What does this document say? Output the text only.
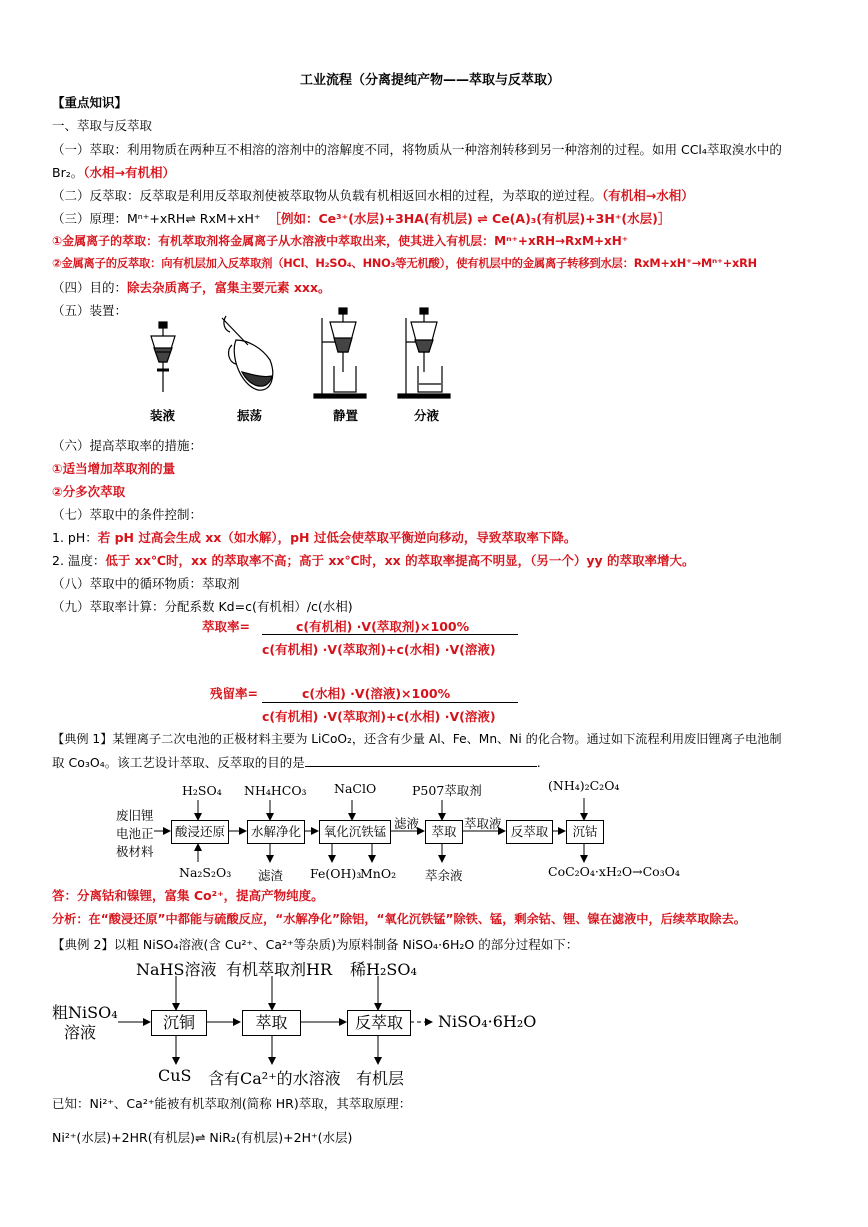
工业流程（分离提纯产物——萃取与反萃取）
【重点知识】
一、萃取与反萃取
（一）萃取：利用物质在两种互不相溶的溶剂中的溶解度不同，将物质从一种溶剂转移到另一种溶剂的过程。如用 CCl₄萃取溴水中的
Br₂。（水相→有机相）
（二）反萃取：反萃取是利用反萃取剂使被萃取物从负载有机相返回水相的过程，为萃取的逆过程。（有机相→水相）
（三）原理：Mⁿ⁺+xRH⇌ RxM+xH⁺ ［例如：Ce³⁺(水层)+3HA(有机层) ⇌ Ce(A)₃(有机层)+3H⁺(水层)］
①金属离子的萃取：有机萃取剂将金属离子从水溶液中萃取出来，使其进入有机层：Mⁿ⁺+xRH→RxM+xH⁺
②金属离子的反萃取：向有机层加入反萃取剂（HCl、H₂SO₄、HNO₃等无机酸），使有机层中的金属离子转移到水层：RxM+xH⁺→Mⁿ⁺+xRH
（四）目的：除去杂质离子，富集主要元素 xxx。
（五）装置：
装液	振荡	静置	分液
（六）提高萃取率的措施：
①适当增加萃取剂的量
②分多次萃取
（七）萃取中的条件控制：
1. pH：若 pH 过高会生成 xx（如水解），pH 过低会使萃取平衡逆向移动，导致萃取率下降。
2. 温度：低于 xx℃时，xx 的萃取率不高；高于 xx℃时，xx 的萃取率提高不明显，（另一个）yy 的萃取率增大。
（八）萃取中的循环物质：萃取剂
（九）萃取率计算：分配系数 Kd=c(有机相）/c(水相)
萃取率=	c(有机相) ·V(萃取剂)×100%
c(有机相) ·V(萃取剂)+c(水相) ·V(溶液)
残留率=	c(水相) ·V(溶液)×100%
c(有机相) ·V(萃取剂)+c(水相) ·V(溶液)
【典例 1】某锂离子二次电池的正极材料主要为 LiCoO₂，还含有少量 Al、Fe、Mn、Ni 的化合物。通过如下流程利用废旧锂离子电池制
取 Co₃O₄。该工艺设计萃取、反萃取的目的是	.
废旧锂
电池正
极材料
酸浸还原	水解净化	氧化沉铁锰	萃取	反萃取	沉钴
H₂SO₄ NH₄HCO₃ NaClO	P507萃取剂	(NH₄)₂C₂O₄
滤液	萃取液
Na₂S₂O₃ 滤渣 Fe(OH)₃
MnO₂ 萃余液	CoC₂O₄·xH₂O→Co₃O₄
答：分离钴和镍锂，富集 Co²⁺，提高产物纯度。
分析：在“酸浸还原”中都能与硫酸反应，“水解净化”除铝，“氧化沉铁锰”除铁、锰，剩余钴、锂、镍在滤液中，后续萃取除去。
【典例 2】以粗 NiSO₄溶液(含 Cu²⁺、Ca²⁺等杂质)为原料制备 NiSO₄·6H₂O 的部分过程如下：
NaHS溶液 有机萃取剂HR 稀H₂SO₄
粗NiSO₄
溶液
沉铜	萃取	反萃取	NiSO₄·6H₂O
CuS 含有Ca²⁺的水溶液 有机层
已知：Ni²⁺、Ca²⁺能被有机萃取剂(简称 HR)萃取，其萃取原理：
Ni²⁺(水层)+2HR(有机层)⇌ NiR₂(有机层)+2H⁺(水层)
